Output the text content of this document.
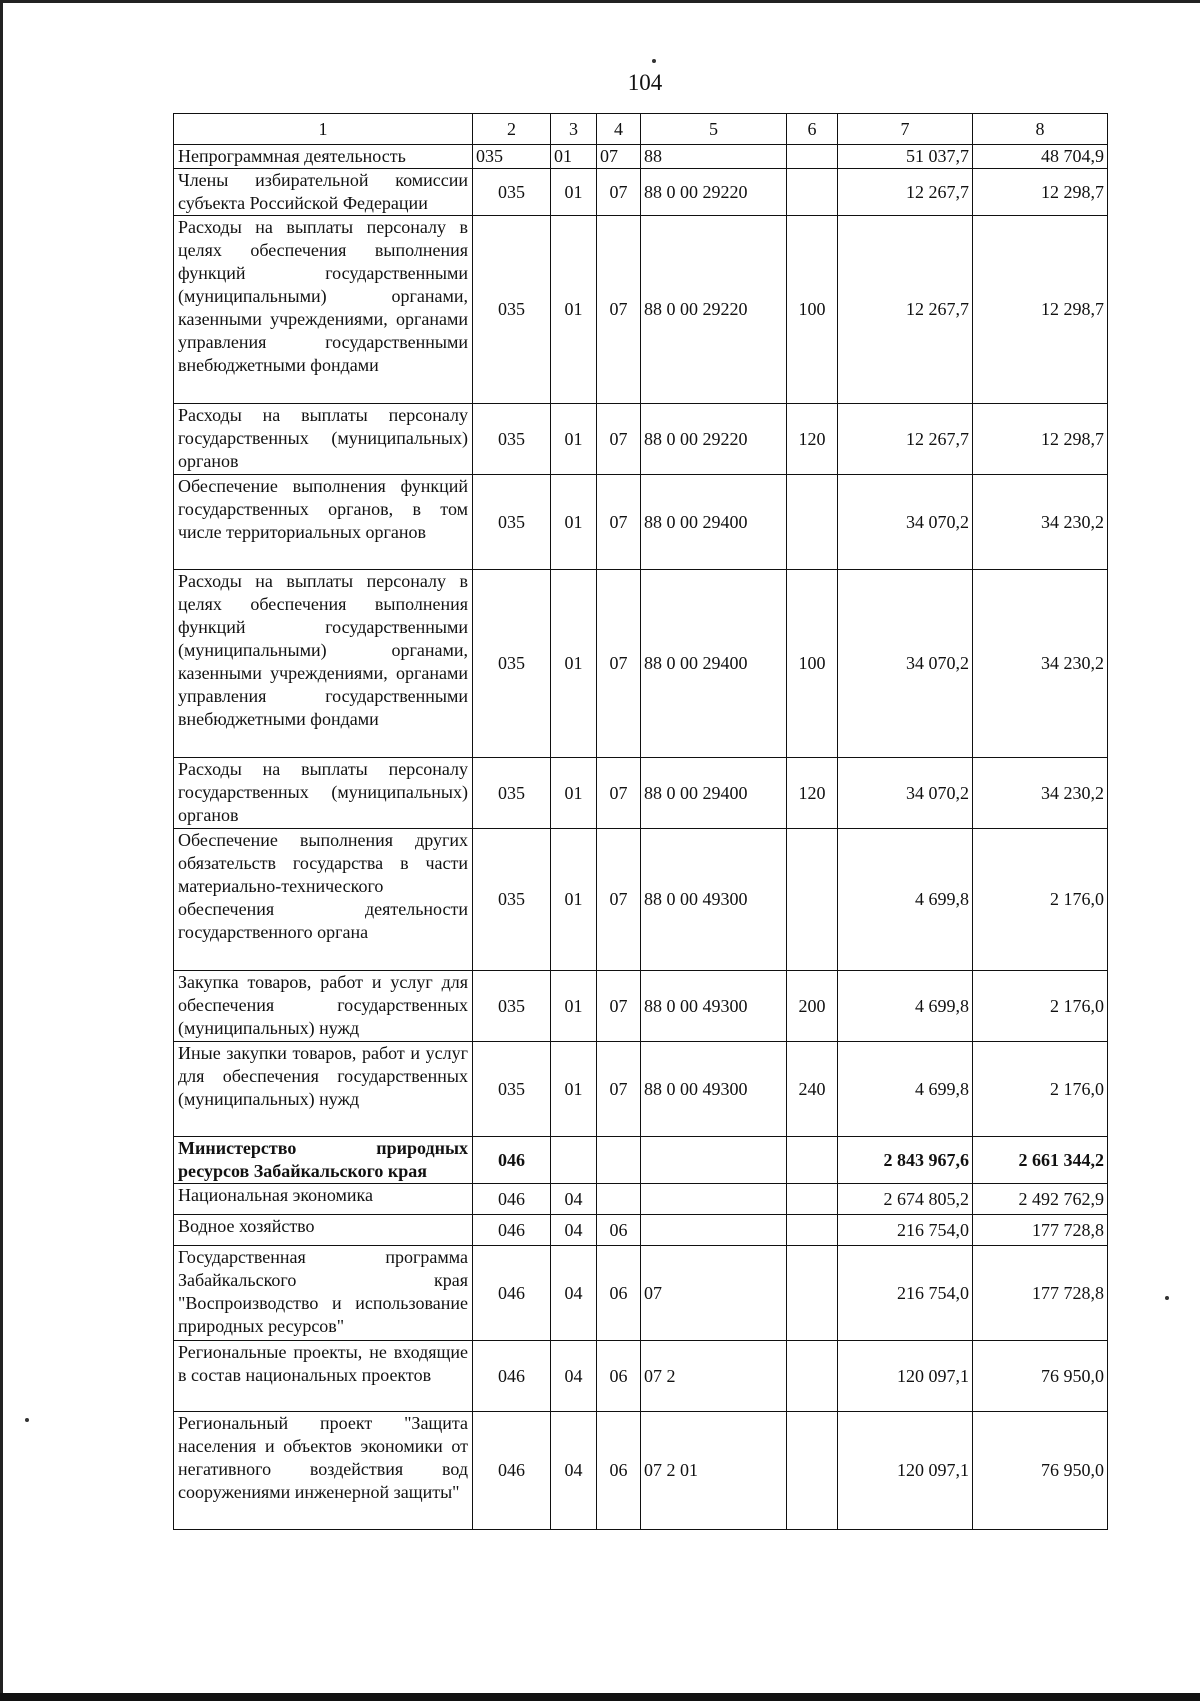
104
1	2	3	4	5	6	7	8
Непрограммная деятельность	035	01	07	88		51 037,7	48 704,9
Члены избирательной комиссии субъекта Российской Федерации	035	01	07	88 0 00 29220		12 267,7	12 298,7
Расходы на выплаты персоналу в целях обеспечения выполнения функций государственными (муниципальными) органами, казенными учреждениями, органами управления государственными внебюджетными фондами	035	01	07	88 0 00 29220	100	12 267,7	12 298,7
Расходы на выплаты персоналу государственных (муниципальных) органов	035	01	07	88 0 00 29220	120	12 267,7	12 298,7
Обеспечение выполнения функций государственных органов, в том числе территориальных органов	035	01	07	88 0 00 29400		34 070,2	34 230,2
Расходы на выплаты персоналу в целях обеспечения выполнения функций государственными (муниципальными) органами, казенными учреждениями, органами управления государственными внебюджетными фондами	035	01	07	88 0 00 29400	100	34 070,2	34 230,2
Расходы на выплаты персоналу государственных (муниципальных) органов	035	01	07	88 0 00 29400	120	34 070,2	34 230,2
Обеспечение выполнения других обязательств государства в части материально-технического обеспечения деятельности государственного органа	035	01	07	88 0 00 49300		4 699,8	2 176,0
Закупка товаров, работ и услуг для обеспечения государственных (муниципальных) нужд	035	01	07	88 0 00 49300	200	4 699,8	2 176,0
Иные закупки товаров, работ и услуг для обеспечения государственных (муниципальных) нужд	035	01	07	88 0 00 49300	240	4 699,8	2 176,0
Министерство природных ресурсов Забайкальского края	046					2 843 967,6	2 661 344,2
Национальная экономика	046	04				2 674 805,2	2 492 762,9
Водное хозяйство	046	04	06			216 754,0	177 728,8
Государственная программа Забайкальского края "Воспроизводство и использование природных ресурсов"	046	04	06	07		216 754,0	177 728,8
Региональные проекты, не входящие в состав национальных проектов	046	04	06	07 2		120 097,1	76 950,0
Региональный проект "Защита населения и объектов экономики от негативного воздействия вод сооружениями инженерной защиты"	046	04	06	07 2 01		120 097,1	76 950,0
